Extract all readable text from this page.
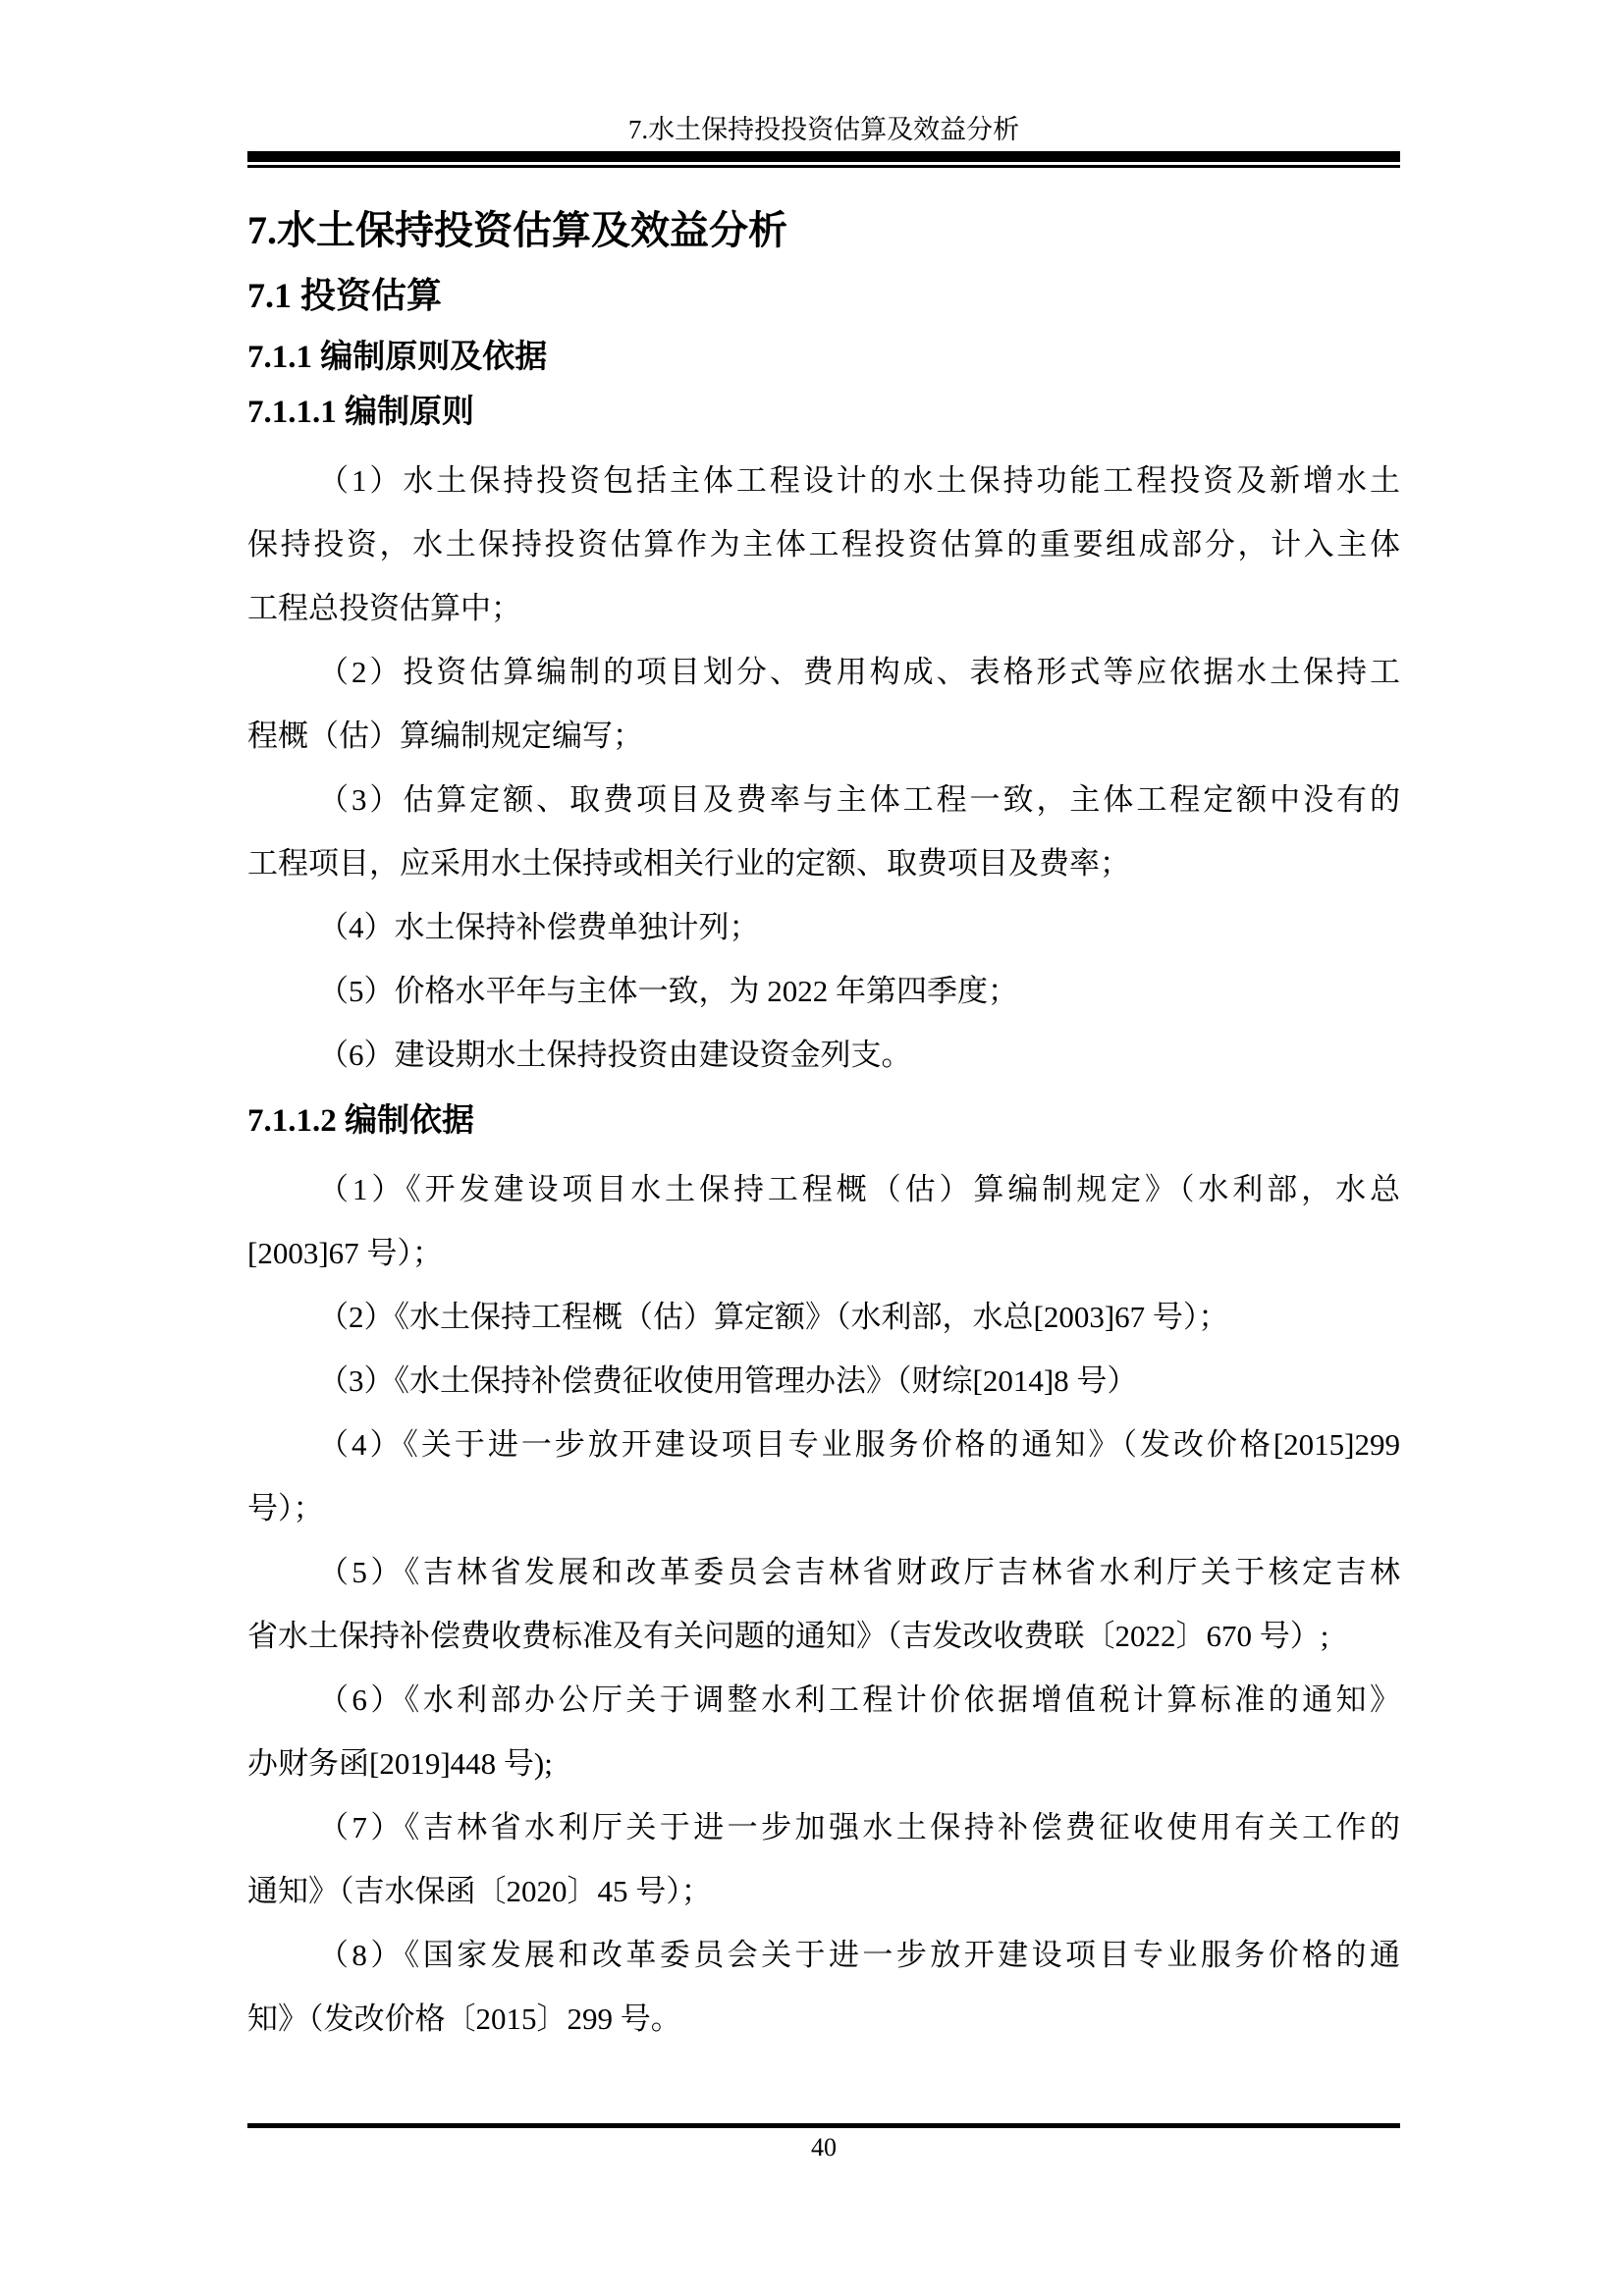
7.水土保持投投资估算及效益分析
7.水土保持投资估算及效益分析
7.1 投资估算
7.1.1 编制原则及依据
7.1.1.1 编制原则
（1）水土保持投资包括主体工程设计的水土保持功能工程投资及新增水土
保持投资，水土保持投资估算作为主体工程投资估算的重要组成部分，计入主体
工程总投资估算中；
（2）投资估算编制的项目划分、费用构成、表格形式等应依据水土保持工
程概（估）算编制规定编写；
（3）估算定额、取费项目及费率与主体工程一致，主体工程定额中没有的
工程项目，应采用水土保持或相关行业的定额、取费项目及费率；
（4）水土保持补偿费单独计列；
（5）价格水平年与主体一致，为 2022 年第四季度；
（6）建设期水土保持投资由建设资金列支。
7.1.1.2 编制依据
（1）《开发建设项目水土保持工程概（估）算编制规定》（水利部，水总
[2003]67 号）；
（2）《水土保持工程概（估）算定额》（水利部，水总[2003]67 号）；
（3）《水土保持补偿费征收使用管理办法》（财综[2014]8 号）
（4）《关于进一步放开建设项目专业服务价格的通知》（发改价格[2015]299
号）；
（5）《吉林省发展和改革委员会吉林省财政厅吉林省水利厅关于核定吉林
省水土保持补偿费收费标准及有关问题的通知》（吉发改收费联〔2022〕670 号）;
（6）《水利部办公厅关于调整水利工程计价依据增值税计算标准的通知》
办财务函[2019]448 号);
（7）《吉林省水利厅关于进一步加强水土保持补偿费征收使用有关工作的
通知》（吉水保函〔2020〕45 号）；
（8）《国家发展和改革委员会关于进一步放开建设项目专业服务价格的通
知》（发改价格〔2015〕299 号。
40
